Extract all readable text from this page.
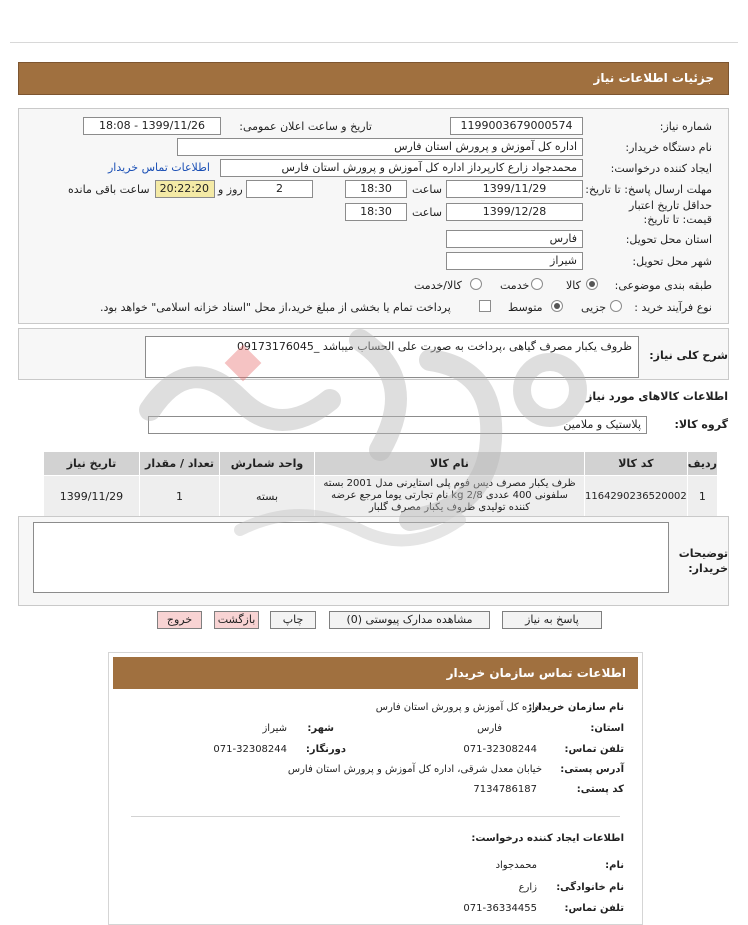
جزئیات اطلاعات نیاز
شماره نیاز:
1199003679000574
تاریخ و ساعت اعلان عمومی:
1399/11/26 - 18:08
نام دستگاه خریدار:
اداره کل آموزش و پرورش استان فارس
ایجاد کننده درخواست:
محمدجواد زارع کارپرداز اداره کل آموزش و پرورش استان فارس
اطلاعات تماس خریدار
مهلت ارسال پاسخ: تا تاریخ:
1399/11/29
ساعت
18:30
2
روز و
20:22:20
ساعت باقی مانده
حداقل تاریخ اعتبار قیمت: تا تاریخ:
1399/12/28
ساعت
18:30
استان محل تحویل:
فارس
شهر محل تحویل:
شیراز
طبقه بندی موضوعی:
کالا
خدمت
کالا/خدمت
نوع فرآیند خرید :
جزیی
متوسط
پرداخت تمام یا بخشی از مبلغ خرید،از محل "اسناد خزانه اسلامی" خواهد بود.
شرح کلی نیاز:
ظروف یکبار مصرف گیاهی ،پرداخت به صورت علی الحساب میباشد _09173176045
اطلاعات کالاهای مورد نیاز
گروه کالا:
پلاستیک و ملامین
ردیف	کد کالا	نام کالا	واحد شمارش	تعداد / مقدار	تاریخ نیاز
1	1164290236520002	ظرف یکبار مصرف دیس فوم پلی استایرنی مدل 2001 بسته سلفونی 400 عددی 2/8 kg نام تجارتی یوما مرجع عرضه کننده تولیدی ظروف یکبار مصرف گلبار	بسته	1	1399/11/29
توضیحات خریدار:
پاسخ به نیاز
مشاهده مدارک پیوستی (0)
چاپ
بازگشت
خروج
اطلاعات تماس سازمان خریدار
نام سازمان خریدار:
اداره کل آموزش و پرورش استان فارس
استان:
فارس
شهر:
شیراز
تلفن تماس:
071-32308244
دورنگار:
071-32308244
آدرس پستی:
خیابان معدل شرقی، اداره کل آموزش و پرورش استان فارس
کد پستی:
7134786187
اطلاعات ایجاد کننده درخواست:
نام:
محمدجواد
نام خانوادگی:
زارع
تلفن تماس:
071-36334455
